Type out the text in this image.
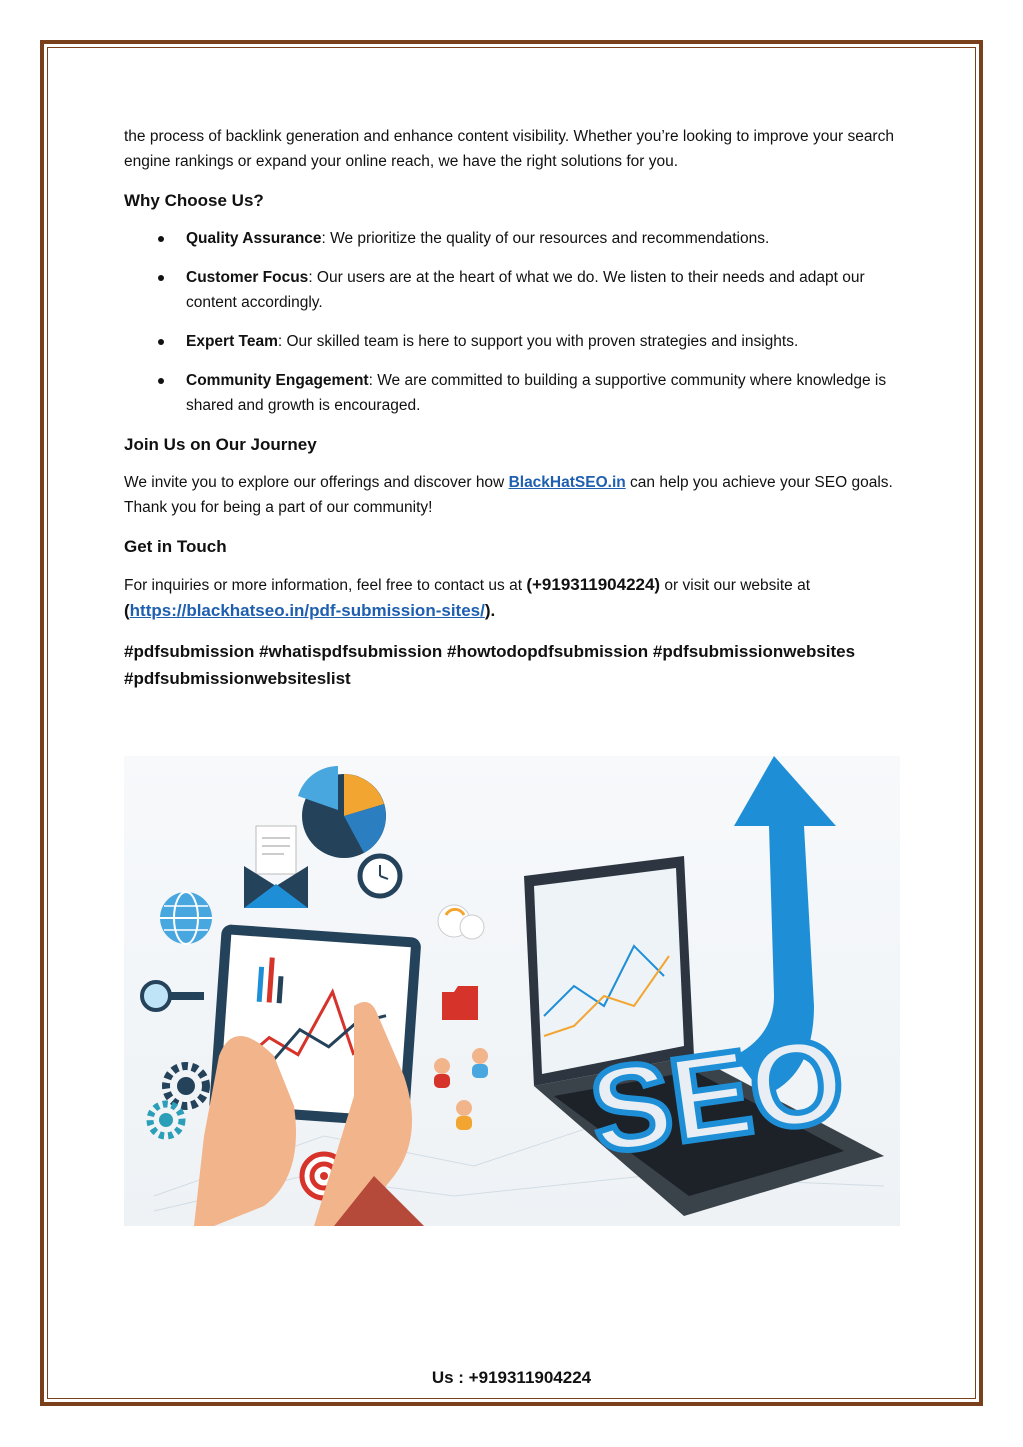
the process of backlink generation and enhance content visibility. Whether you’re looking to improve your search engine rankings or expand your online reach, we have the right solutions for you.

Why Choose Us?
Quality Assurance: We prioritize the quality of our resources and recommendations.
Customer Focus: Our users are at the heart of what we do. We listen to their needs and adapt our content accordingly.
Expert Team: Our skilled team is here to support you with proven strategies and insights.
Community Engagement: We are committed to building a supportive community where knowledge is shared and growth is encouraged.
Join Us on Our Journey

We invite you to explore our offerings and discover how BlackHatSEO.in can help you achieve your SEO goals. Thank you for being a part of our community!

Get in Touch

For inquiries or more information, feel free to contact us at (+919311904224) or visit our website at
(https://blackhatseo.in/pdf-submission-sites/).

#pdfsubmission #whatispdfsubmission #howtodopdfsubmission #pdfsubmissionwebsites #pdfsubmissionwebsiteslist

SEO
Us : +919311904224
